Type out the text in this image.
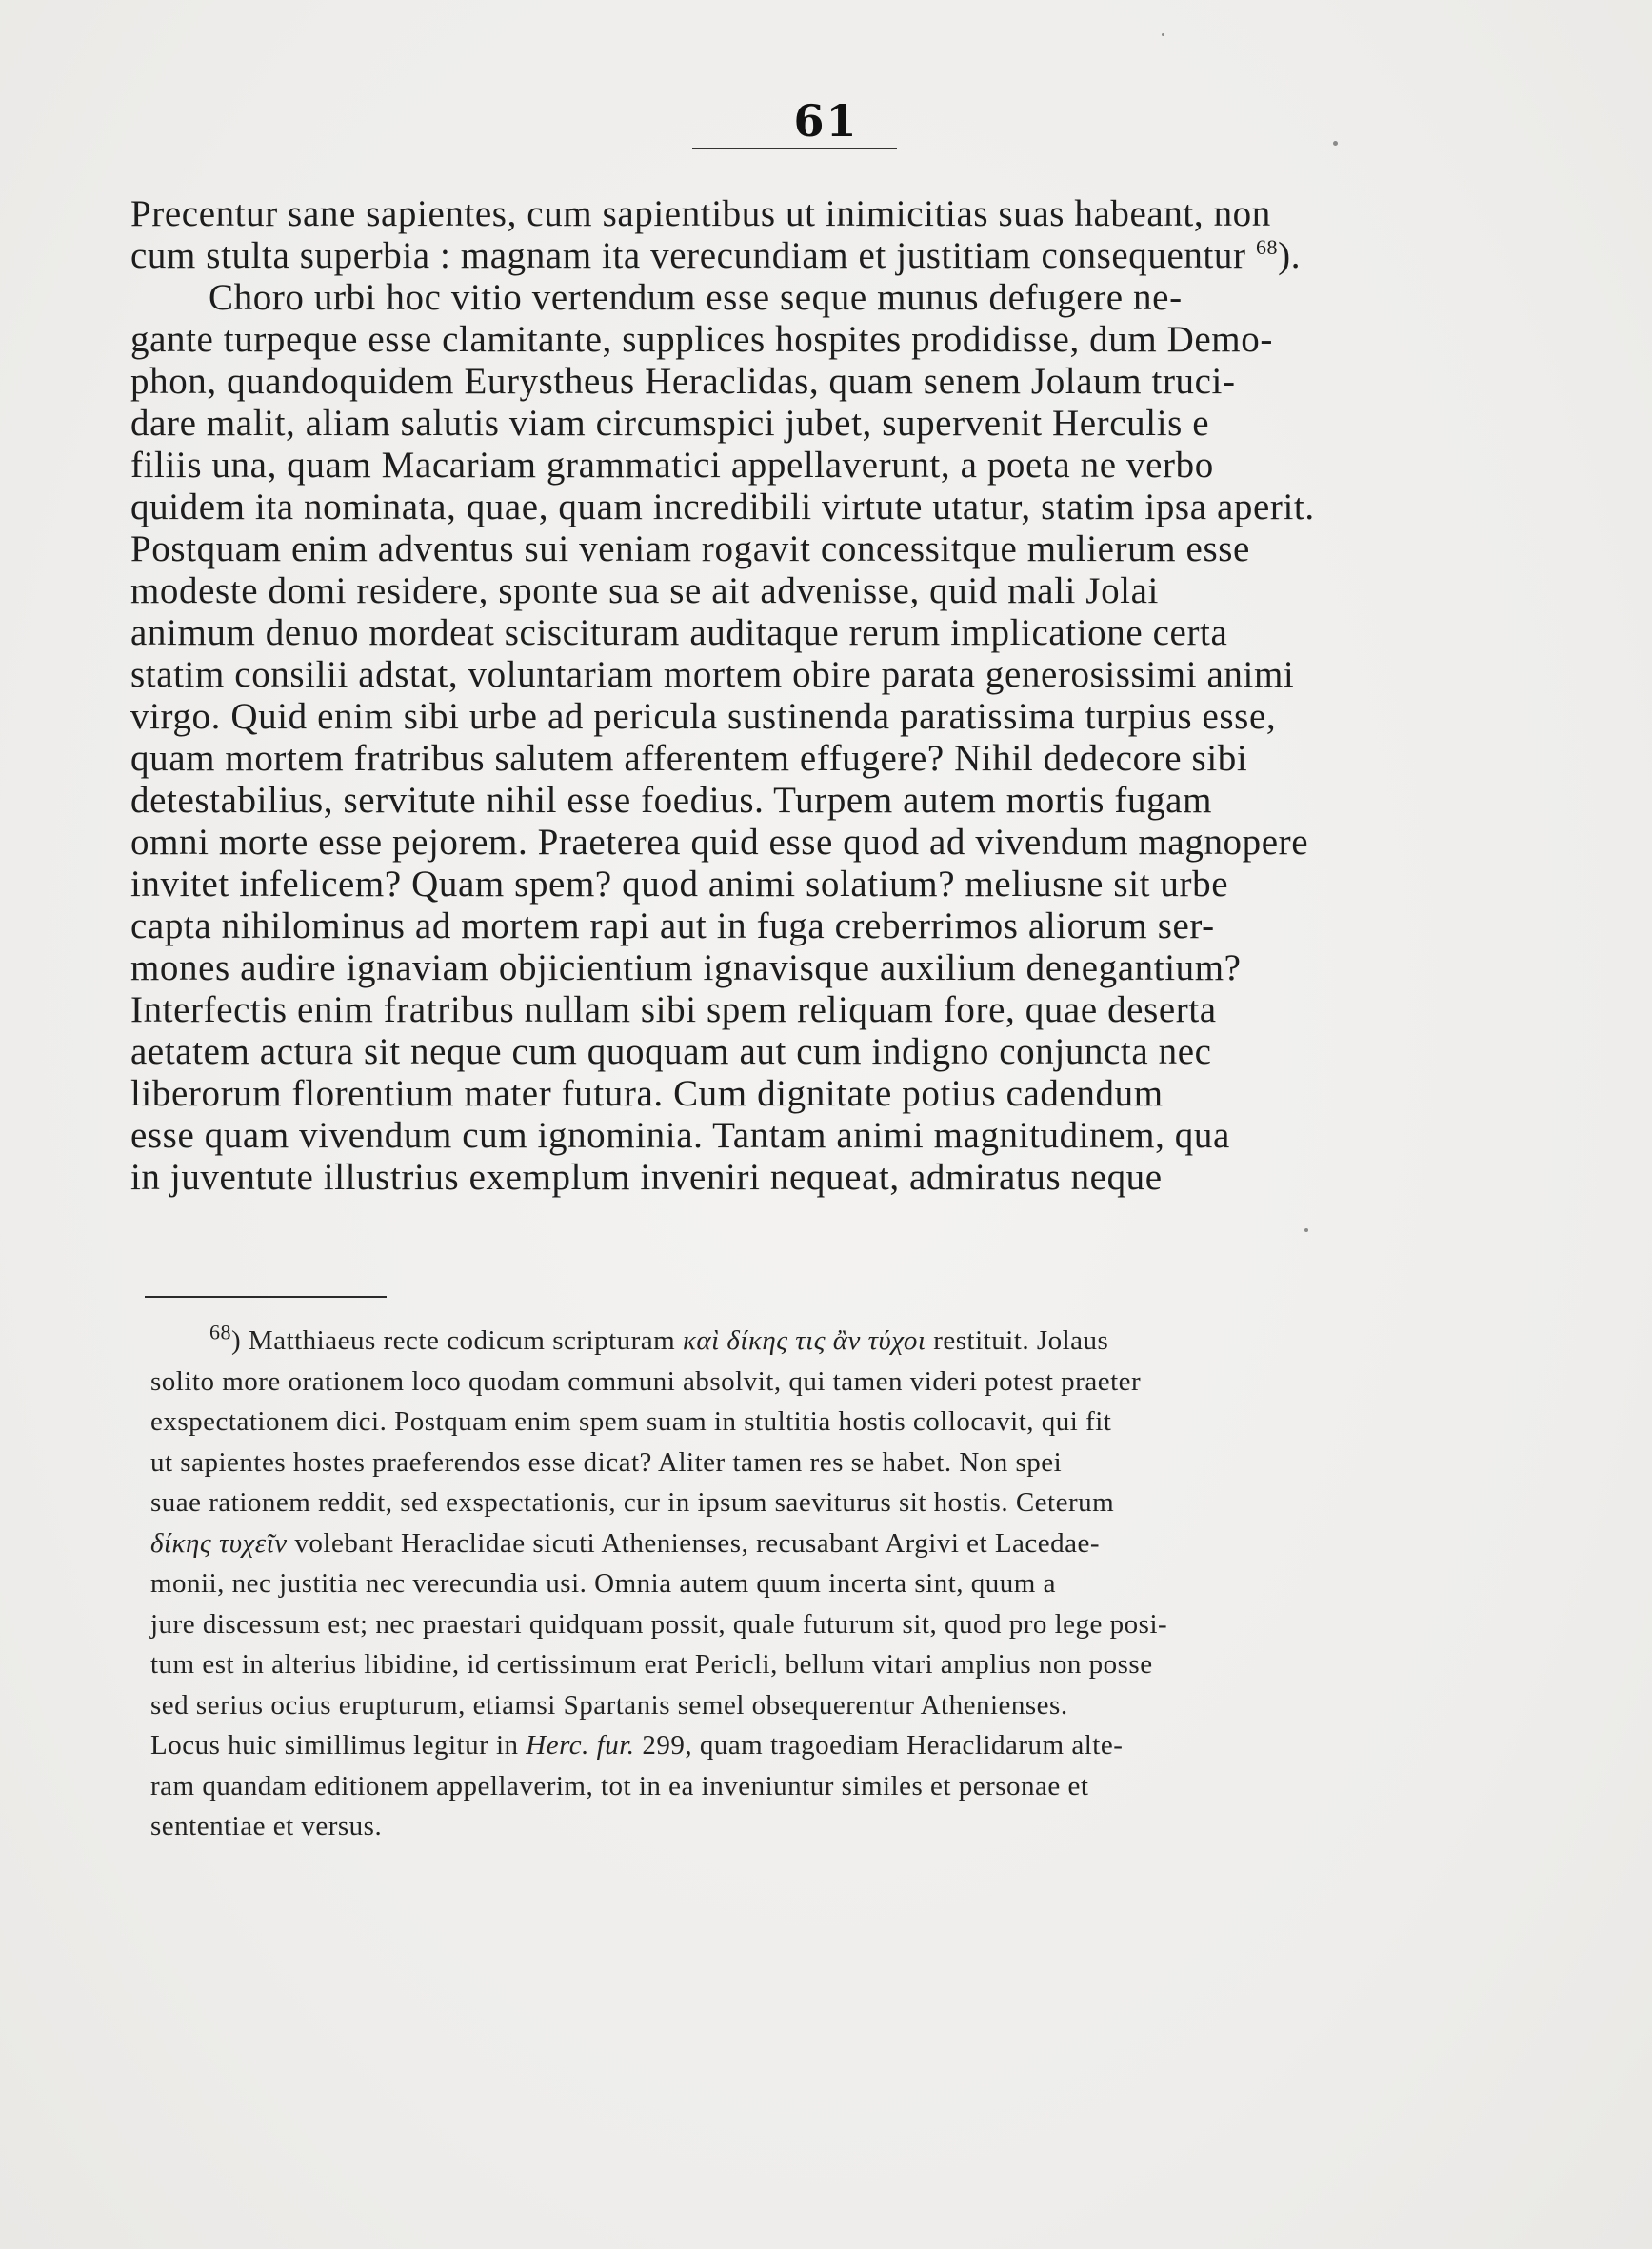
61
Precentur sane sapientes, cum sapientibus ut inimicitias suas habeant, non
cum stulta superbia : magnam ita verecundiam et justitiam consequentur $^{68}$).
Choro urbi hoc vitio vertendum esse seque munus defugere ne-
gante turpeque esse clamitante, supplices hospites prodidisse, dum Demo-
phon, quandoquidem Eurystheus Heraclidas, quam senem Jolaum truci-
dare malit, aliam salutis viam circumspici jubet, supervenit Herculis e
filiis una, quam Macariam grammatici appellaverunt, a poeta ne verbo
quidem ita nominata, quae, quam incredibili virtute utatur, statim ipsa aperit.
Postquam enim adventus sui veniam rogavit concessitque mulierum esse
modeste domi residere, sponte sua se ait advenisse, quid mali Jolai
animum denuo mordeat sciscituram auditaque rerum implicatione certa
statim consilii adstat, voluntariam mortem obire parata generosissimi animi
virgo. Quid enim sibi urbe ad pericula sustinenda paratissima turpius esse,
quam mortem fratribus salutem afferentem effugere? Nihil dedecore sibi
detestabilius, servitute nihil esse foedius. Turpem autem mortis fugam
omni morte esse pejorem. Praeterea quid esse quod ad vivendum magnopere
invitet infelicem? Quam spem? quod animi solatium? meliusne sit urbe
capta nihilominus ad mortem rapi aut in fuga creberrimos aliorum ser-
mones audire ignaviam objicientium ignavisque auxilium denegantium?
Interfectis enim fratribus nullam sibi spem reliquam fore, quae deserta
aetatem actura sit neque cum quoquam aut cum indigno conjuncta nec
liberorum florentium mater futura. Cum dignitate potius cadendum
esse quam vivendum cum ignominia. Tantam animi magnitudinem, qua
in juventute illustrius exemplum inveniri nequeat, admiratus neque
$^{68}$) Matthiaeus recte codicum scripturam καὶ δίκης τις ἂν τύχοι restituit. Jolaus
solito more orationem loco quodam communi absolvit, qui tamen videri potest praeter
exspectationem dici. Postquam enim spem suam in stultitia hostis collocavit, qui fit
ut sapientes hostes praeferendos esse dicat? Aliter tamen res se habet. Non spei
suae rationem reddit, sed exspectationis, cur in ipsum saeviturus sit hostis. Ceterum
δίκης τυχεῖν volebant Heraclidae sicuti Athenienses, recusabant Argivi et Lacedae-
monii, nec justitia nec verecundia usi. Omnia autem quum incerta sint, quum a
jure discessum est; nec praestari quidquam possit, quale futurum sit, quod pro lege posi-
tum est in alterius libidine, id certissimum erat Pericli, bellum vitari amplius non posse
sed serius ocius erupturum, etiamsi Spartanis semel obsequerentur Athenienses.
Locus huic simillimus legitur in Herc. fur. 299, quam tragoediam Heraclidarum alte-
ram quandam editionem appellaverim, tot in ea inveniuntur similes et personae et
sententiae et versus.
